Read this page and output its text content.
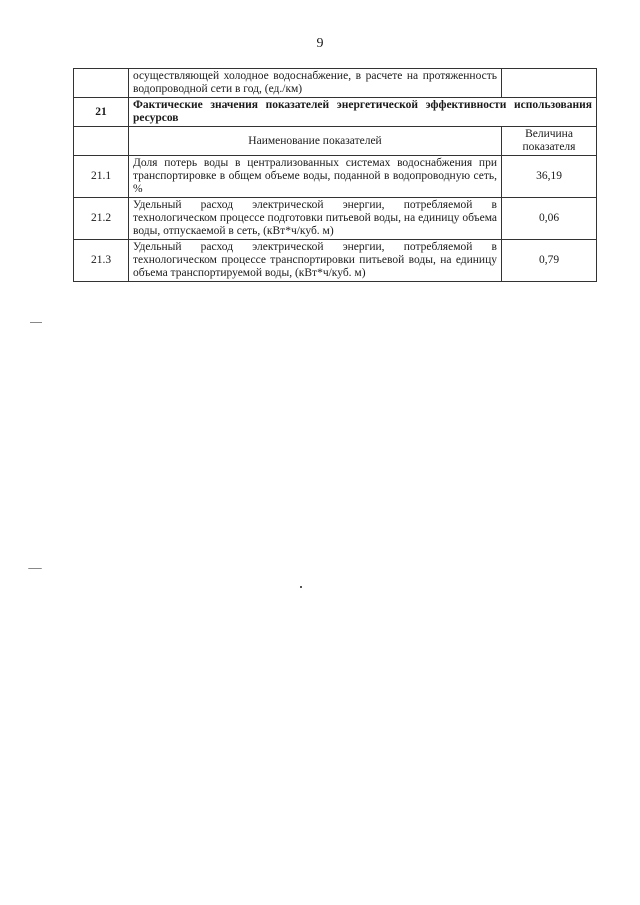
9
	осуществляющей холодное водоснабжение, в расчете на протяженность водопроводной сети в год, (ед./км)	
21	Фактические значения показателей энергетической эффективности использования ресурсов	
	Наименование показателей	Величина показателя
21.1	Доля потерь воды в централизованных системах водоснабжения при транспортировке в общем объеме воды, поданной в водопроводную сеть, %	36,19
21.2	Удельный расход электрической энергии, потребляемой в технологическом процессе подготовки питьевой воды, на единицу объема воды, отпускаемой в сеть, (кВт*ч/куб. м)	0,06
21.3	Удельный расход электрической энергии, потребляемой в технологическом процессе транспортировки питьевой воды, на единицу объема транспортируемой воды, (кВт*ч/куб. м)	0,79
